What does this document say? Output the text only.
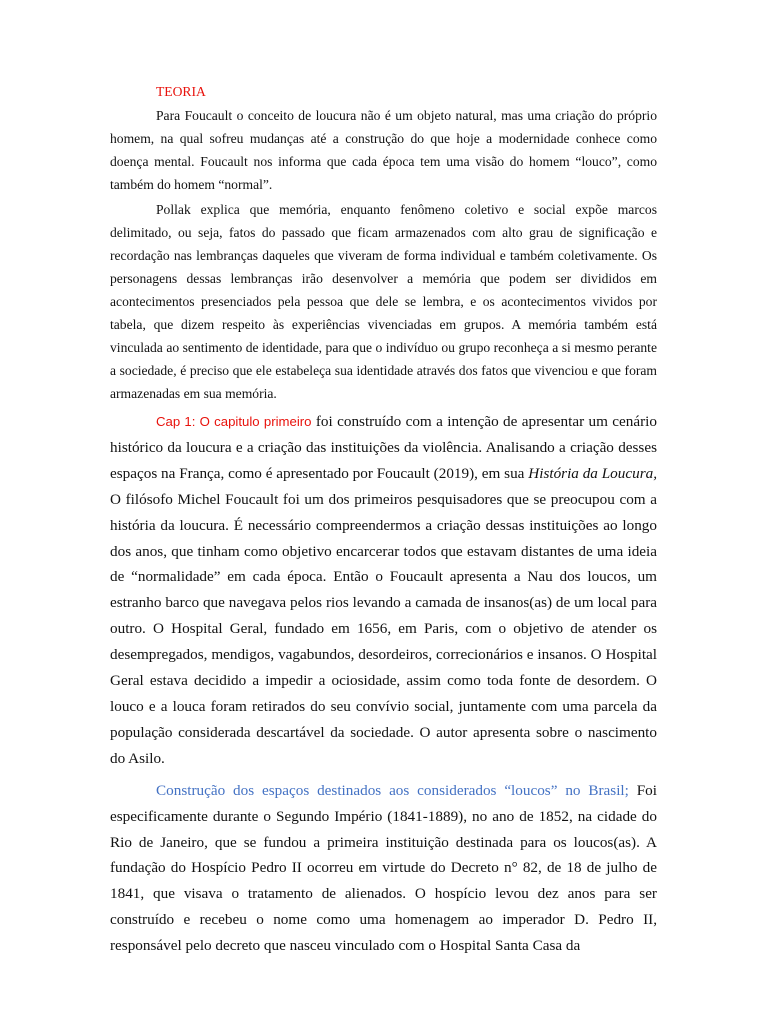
TEORIA

Para Foucault o conceito de loucura não é um objeto natural, mas uma criação do próprio homem, na qual sofreu mudanças até a construção do que hoje a modernidade conhece como doença mental. Foucault nos informa que cada época tem uma visão do homem “louco”, como também do homem “normal”.

Pollak explica que memória, enquanto fenômeno coletivo e social expõe marcos delimitado, ou seja, fatos do passado que ficam armazenados com alto grau de significação e recordação nas lembranças daqueles que viveram de forma individual e também coletivamente. Os personagens dessas lembranças irão desenvolver a memória que podem ser divididos em acontecimentos presenciados pela pessoa que dele se lembra, e os acontecimentos vividos por tabela, que dizem respeito às experiências vivenciadas em grupos. A memória também está vinculada ao sentimento de identidade, para que o indivíduo ou grupo reconheça a si mesmo perante a sociedade, é preciso que ele estabeleça sua identidade através dos fatos que vivenciou e que foram armazenadas em sua memória.

Cap 1: O capitulo primeiro foi construído com a intenção de apresentar um cenário histórico da loucura e a criação das instituições da violência. Analisando a criação desses espaços na França, como é apresentado por Foucault (2019), em sua História da Loucura, O filósofo Michel Foucault foi um dos primeiros pesquisadores que se preocupou com a história da loucura. É necessário compreendermos a criação dessas instituições ao longo dos anos, que tinham como objetivo encarcerar todos que estavam distantes de uma ideia de “normalidade” em cada época. Então o Foucault apresenta a Nau dos loucos, um estranho barco que navegava pelos rios levando a camada de insanos(as) de um local para outro. O Hospital Geral, fundado em 1656, em Paris, com o objetivo de atender os desempregados, mendigos, vagabundos, desordeiros, correcionários e insanos. O Hospital Geral estava decidido a impedir a ociosidade, assim como toda fonte de desordem. O louco e a louca foram retirados do seu convívio social, juntamente com uma parcela da população considerada descartável da sociedade. O autor apresenta sobre o nascimento do Asilo.

Construção dos espaços destinados aos considerados “loucos” no Brasil; Foi especificamente durante o Segundo Império (1841-1889), no ano de 1852, na cidade do Rio de Janeiro, que se fundou a primeira instituição destinada para os loucos(as). A fundação do Hospício Pedro II ocorreu em virtude do Decreto n° 82, de 18 de julho de 1841, que visava o tratamento de alienados. O hospício levou dez anos para ser construído e recebeu o nome como uma homenagem ao imperador D. Pedro II, responsável pelo decreto que nasceu vinculado com o Hospital Santa Casa da
